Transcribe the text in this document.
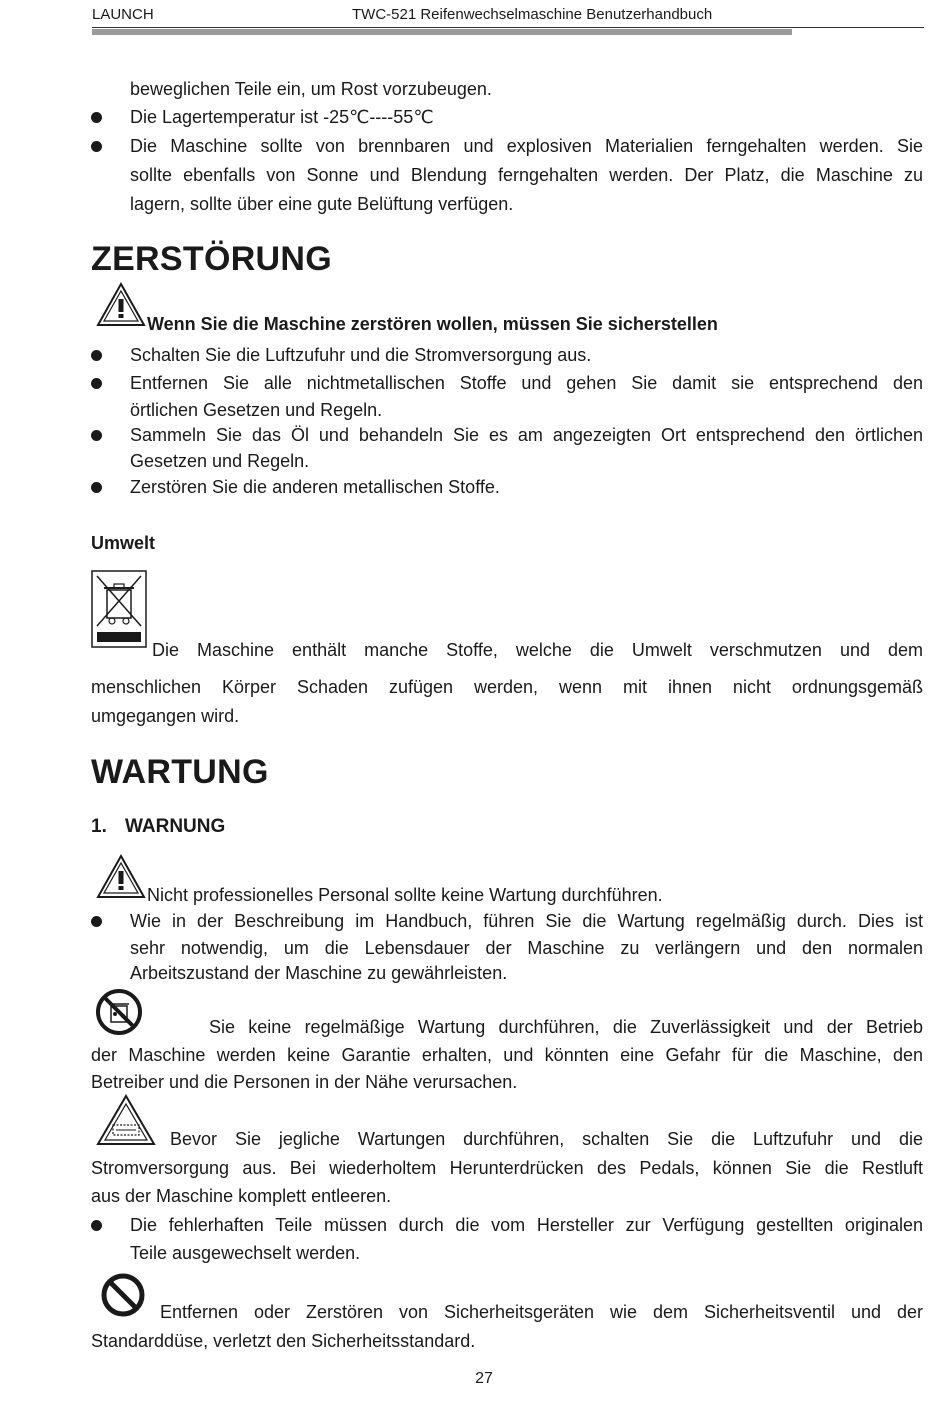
LAUNCH	TWC-521 Reifenwechselmaschine Benutzerhandbuch

beweglichen Teile ein, um Rost vorzubeugen.

Die Lagertemperatur ist -25℃----55℃

Die Maschine sollte von brennbaren und explosiven Materialien ferngehalten werden. Sie

sollte ebenfalls von Sonne und Blendung ferngehalten werden. Der Platz, die Maschine zu

lagern, sollte über eine gute Belüftung verfügen.

ZERSTÖRUNG

Wenn Sie die Maschine zerstören wollen, müssen Sie sicherstellen

Schalten Sie die Luftzufuhr und die Stromversorgung aus.

Entfernen Sie alle nichtmetallischen Stoffe und gehen Sie damit sie entsprechend den

örtlichen Gesetzen und Regeln.

Sammeln Sie das Öl und behandeln Sie es am angezeigten Ort entsprechend den örtlichen

Gesetzen und Regeln.

Zerstören Sie die anderen metallischen Stoffe.

Umwelt

Die Maschine enthält manche Stoffe, welche die Umwelt verschmutzen und dem

menschlichen Körper Schaden zufügen werden, wenn mit ihnen nicht ordnungsgemäß

umgegangen wird.

WARTUNG
1. WARNUNG

Nicht professionelles Personal sollte keine Wartung durchführen.

Wie in der Beschreibung im Handbuch, führen Sie die Wartung regelmäßig durch. Dies ist

sehr notwendig, um die Lebensdauer der Maschine zu verlängern und den normalen

Arbeitszustand der Maschine zu gewährleisten.

Sie keine regelmäßige Wartung durchführen, die Zuverlässigkeit und der Betrieb

der Maschine werden keine Garantie erhalten, und könnten eine Gefahr für die Maschine, den

Betreiber und die Personen in der Nähe verursachen.

Bevor Sie jegliche Wartungen durchführen, schalten Sie die Luftzufuhr und die

Stromversorgung aus. Bei wiederholtem Herunterdrücken des Pedals, können Sie die Restluft

aus der Maschine komplett entleeren.

Die fehlerhaften Teile müssen durch die vom Hersteller zur Verfügung gestellten originalen

Teile ausgewechselt werden.

Entfernen oder Zerstören von Sicherheitsgeräten wie dem Sicherheitsventil und der

Standarddüse, verletzt den Sicherheitsstandard.

27
